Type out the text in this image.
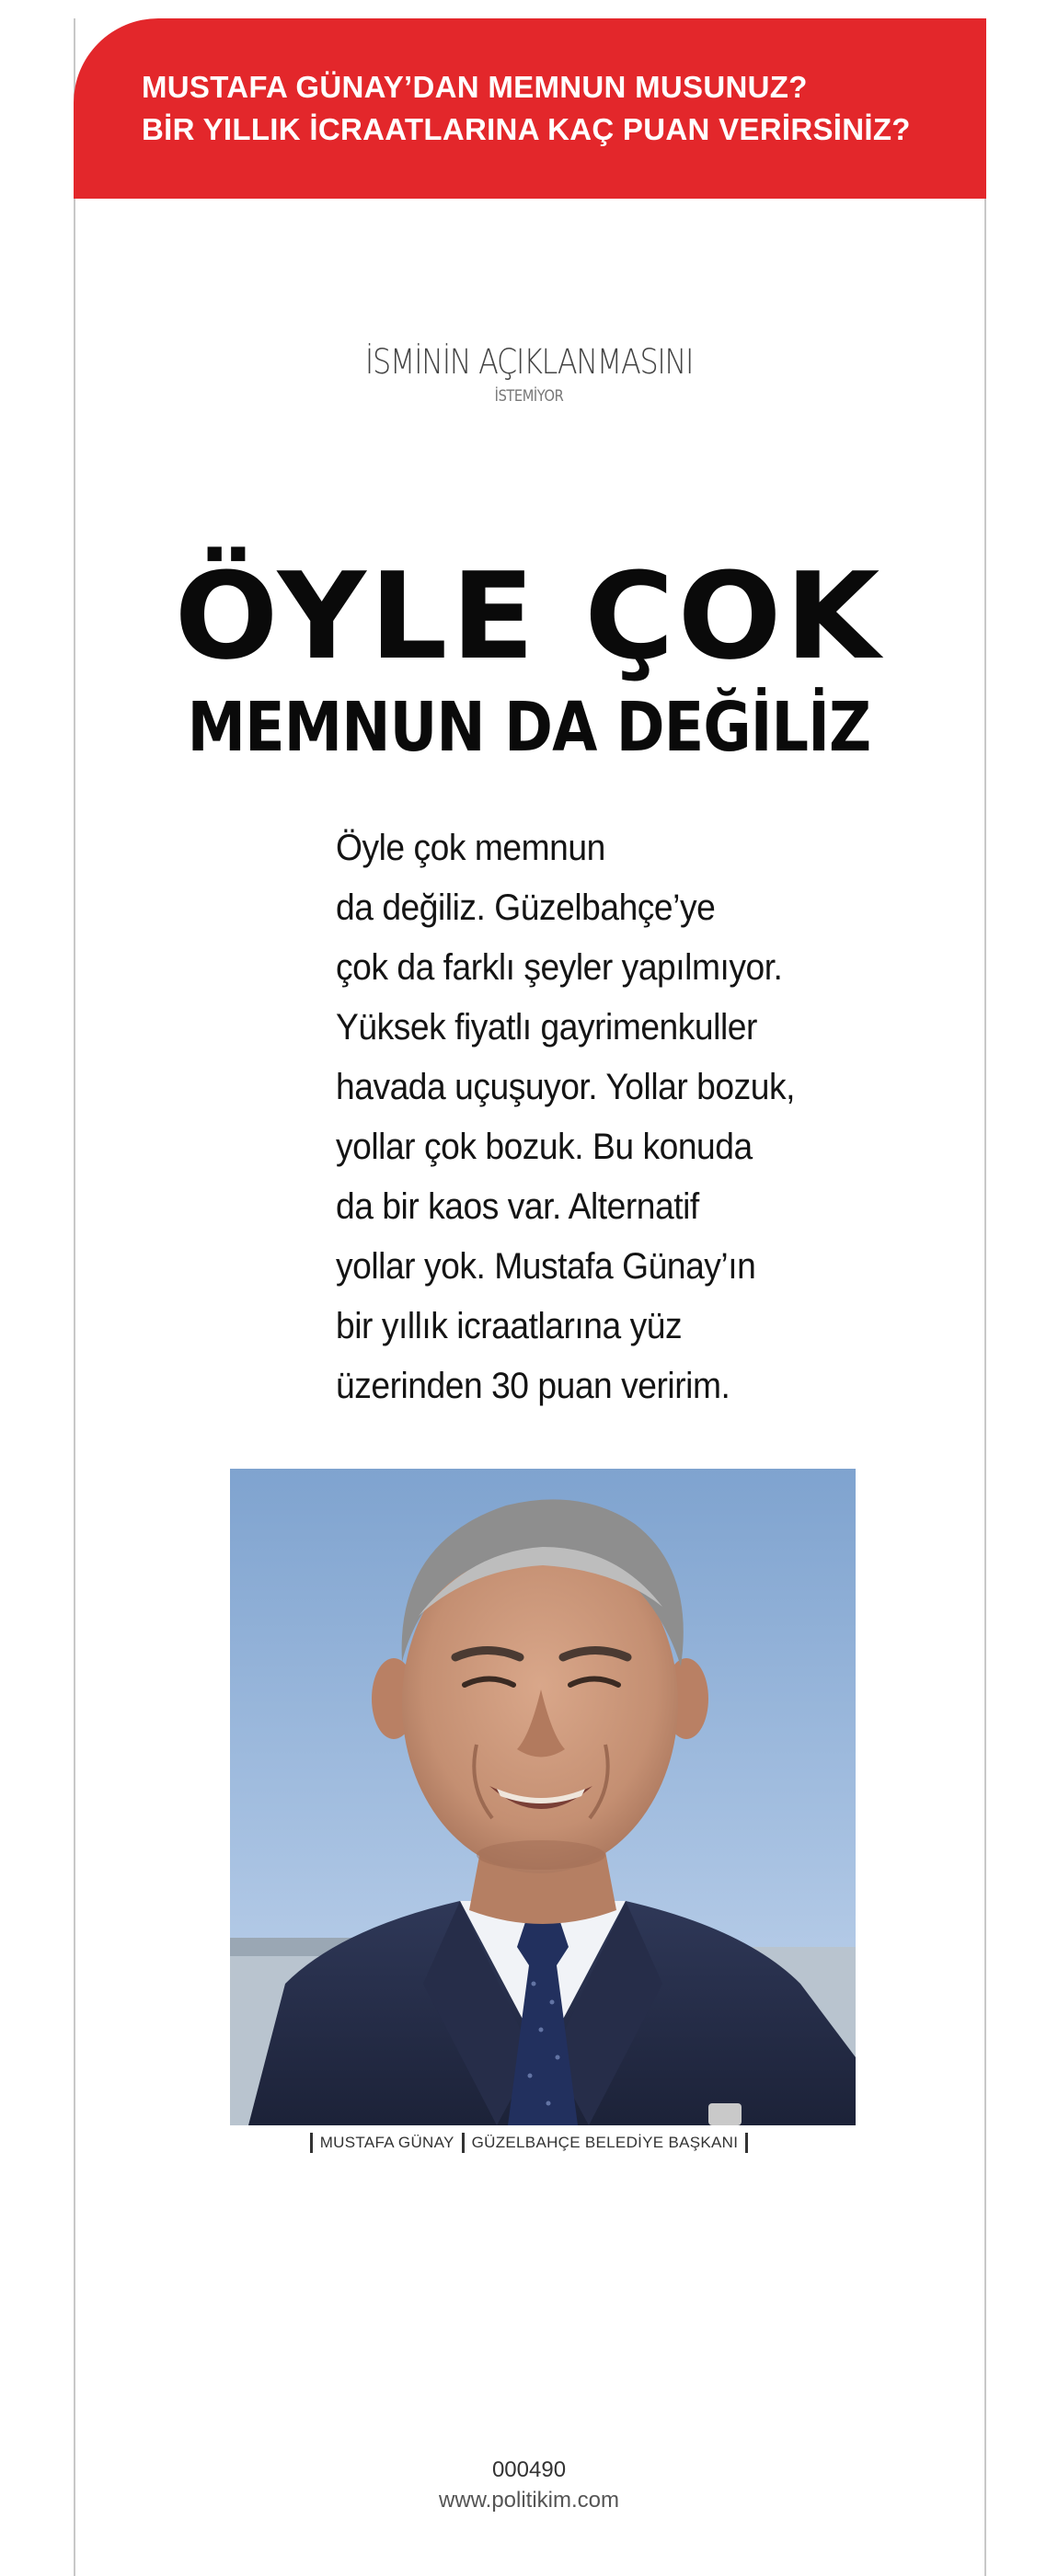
MUSTAFA GÜNAY’DAN MEMNUN MUSUNUZ?
BİR YILLIK İCRAATLARINA KAÇ PUAN VERİRSİNİZ?
İSMİNİN AÇIKLANMASINI
İSTEMİYOR
ÖYLE ÇOK
MEMNUN DA DEĞİLİZ
Öyle çok memnun
da değiliz. Güzelbahçe’ye
çok da farklı şeyler yapılmıyor.
Yüksek fiyatlı gayrimenkuller
havada uçuşuyor. Yollar bozuk,
yollar çok bozuk. Bu konuda
da bir kaos var. Alternatif
yollar yok. Mustafa Günay’ın
bir yıllık icraatlarına yüz
üzerinden 30 puan veririm.
MUSTAFA GÜNAY GÜZELBAHÇE BELEDİYE BAŞKANI
000490
www.politikim.com
